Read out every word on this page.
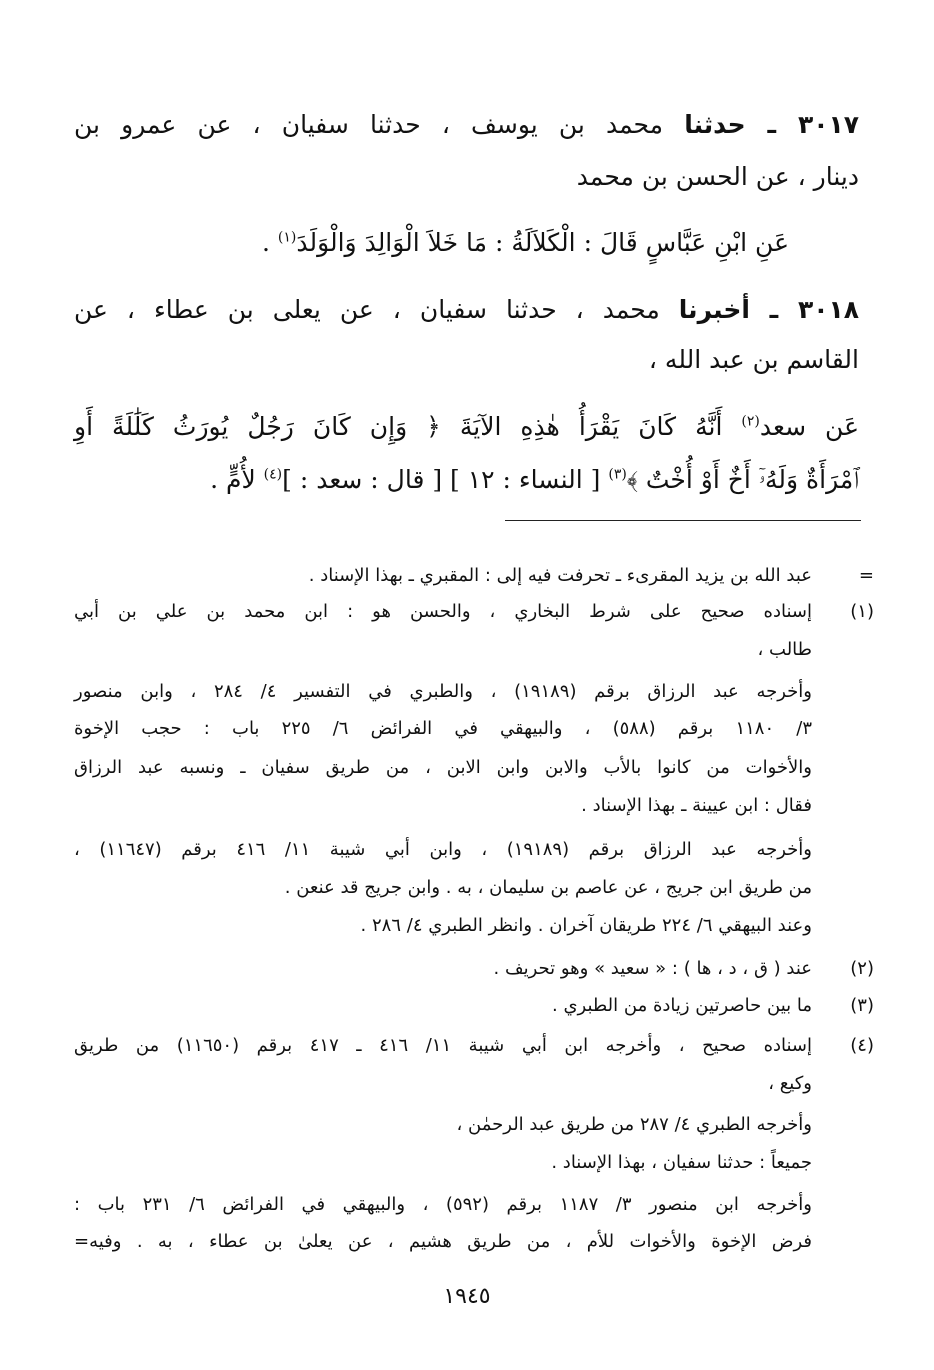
٣٠١٧ ـ حدثنا محمد بن يوسف ، حدثنا سفيان ، عن عمرو بن
دينار ، عن الحسن بن محمد
عَنِ ابْنِ عَبَّاسٍ قَالَ : الْكَلاَلَةُ : مَا خَلاَ الْوَالِدَ وَالْوَلَدَ$^{(١)}$ .
٣٠١٨ ـ أخبرنا محمد ، حدثنا سفيان ، عن يعلى بن عطاء ، عن
القاسم بن عبد الله ،
عَن سعد$^{(٢)}$ أَنَّهُ كَانَ يَقْرَأُ هٰذِهِ الآيَةَ ﴿ وَإِن كَانَ رَجُلٌ يُورَثُ كَلَٰلَةً أَوِ
ٱمْرَأَةٌ وَلَهُۥٓ أَخٌ أَوْ أُخْتٌ ﴾$^{(٣)}$ [ النساء : ١٢ ] [ قال : سعد : ]$^{(٤)}$ لأُمٍّ .
=
عبد الله بن يزيد المقرىء ـ تحرفت فيه إلى : المقبري ـ بهذا الإسناد .
(١)
إسناده صحيح على شرط البخاري ، والحسن هو : ابن محمد بن علي بن أبي
طالب ،
وأخرجه عبد الرزاق برقم (١٩١٨٩) ، والطبري في التفسير ٤/ ٢٨٤ ، وابن منصور
٣/ ١١٨٠ برقم (٥٨٨) ، والبيهقي في الفرائض ٦/ ٢٢٥ باب : حجب الإخوة
والأخوات من كانوا بالأب والابن وابن الابن ، من طريق سفيان ـ ونسبه عبد الرزاق
فقال : ابن عيينة ـ بهذا الإسناد .
وأخرجه عبد الرزاق برقم (١٩١٨٩) ، وابن أبي شيبة ١١/ ٤١٦ برقم (١١٦٤٧) ،
من طريق ابن جريج ، عن عاصم بن سليمان ، به . وابن جريج قد عنعن .
وعند البيهقي ٦/ ٢٢٤ طريقان آخران . وانظر الطبري ٤/ ٢٨٦ .
(٢)
عند ( ق ، د ، ها ) : « سعيد » وهو تحريف .
(٣)
ما بين حاصرتين زيادة من الطبري .
(٤)
إسناده صحيح ، وأخرجه ابن أبي شيبة ١١/ ٤١٦ ـ ٤١٧ برقم (١١٦٥٠) من طريق
وكيع ،
وأخرجه الطبري ٤/ ٢٨٧ من طريق عبد الرحمٰن ،
جميعاً : حدثنا سفيان ، بهذا الإسناد .
وأخرجه ابن منصور ٣/ ١١٨٧ برقم (٥٩٢) ، والبيهقي في الفرائض ٦/ ٢٣١ باب :
فرض الإخوة والأخوات للأم ، من طريق هشيم ، عن يعلىٰ بن عطاء ، به . وفيه=
١٩٤٥
